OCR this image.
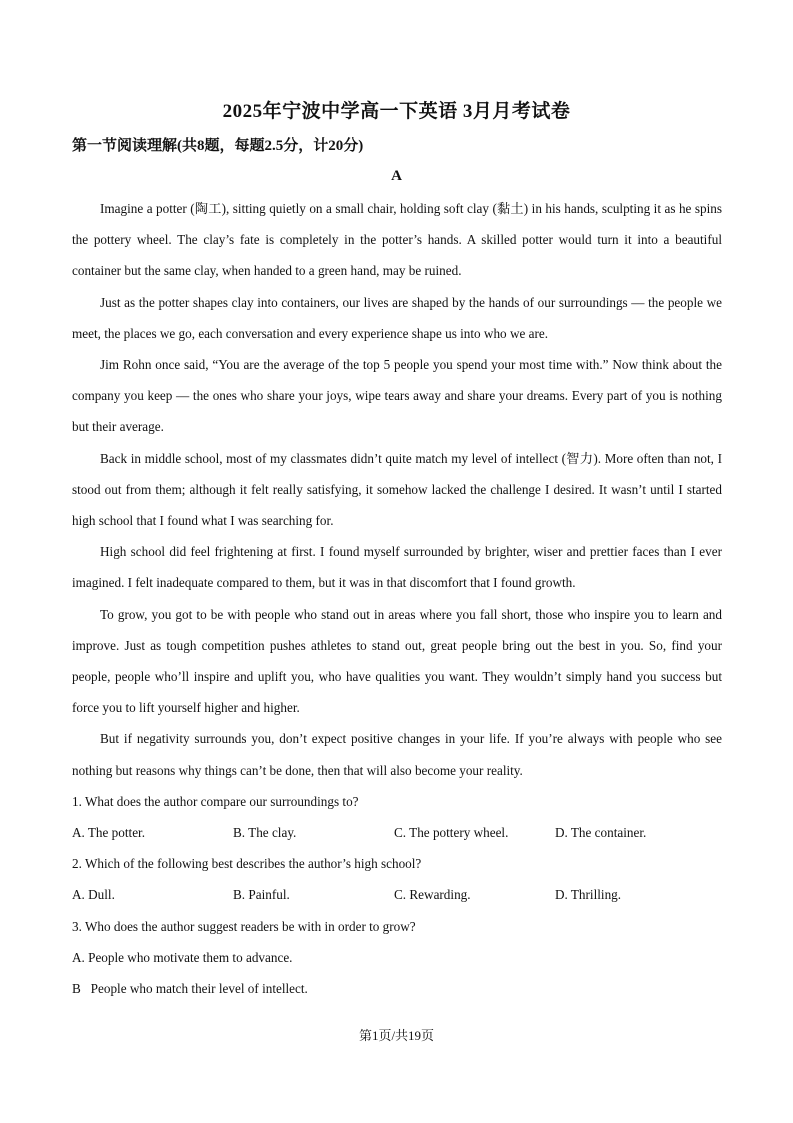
2025年宁波中学高一下英语 3月月考试卷
第一节阅读理解(共8题，每题2.5分，计20分)
A

Imagine a potter (陶工), sitting quietly on a small chair, holding soft clay (黏土) in his hands, sculpting it as he spins the pottery wheel. The clay’s fate is completely in the potter’s hands. A skilled potter would turn it into a beautiful container but the same clay, when handed to a green hand, may be ruined.

Just as the potter shapes clay into containers, our lives are shaped by the hands of our surroundings — the people we meet, the places we go, each conversation and every experience shape us into who we are.

Jim Rohn once said, “You are the average of the top 5 people you spend your most time with.” Now think about the company you keep — the ones who share your joys, wipe tears away and share your dreams. Every part of you is nothing but their average.

Back in middle school, most of my classmates didn’t quite match my level of intellect (智力). More often than not, I stood out from them; although it felt really satisfying, it somehow lacked the challenge I desired. It wasn’t until I started high school that I found what I was searching for.

High school did feel frightening at first. I found myself surrounded by brighter, wiser and prettier faces than I ever imagined. I felt inadequate compared to them, but it was in that discomfort that I found growth.

To grow, you got to be with people who stand out in areas where you fall short, those who inspire you to learn and improve. Just as tough competition pushes athletes to stand out, great people bring out the best in you. So, find your people, people who’ll inspire and uplift you, who have qualities you want. They wouldn’t simply hand you success but force you to lift yourself higher and higher.

But if negativity surrounds you, don’t expect positive changes in your life. If you’re always with people who see nothing but reasons why things can’t be done, then that will also become your reality.

1. What does the author compare our surroundings to?

A. The potter.	B. The clay.	C. The pottery wheel.	D. The container.

2. Which of the following best describes the author’s high school?

A. Dull.	B. Painful.	C. Rewarding.	D. Thrilling.

3. Who does the author suggest readers be with in order to grow?

A. People who motivate them to advance.

B   People who match their level of intellect.

第1页/共19页
